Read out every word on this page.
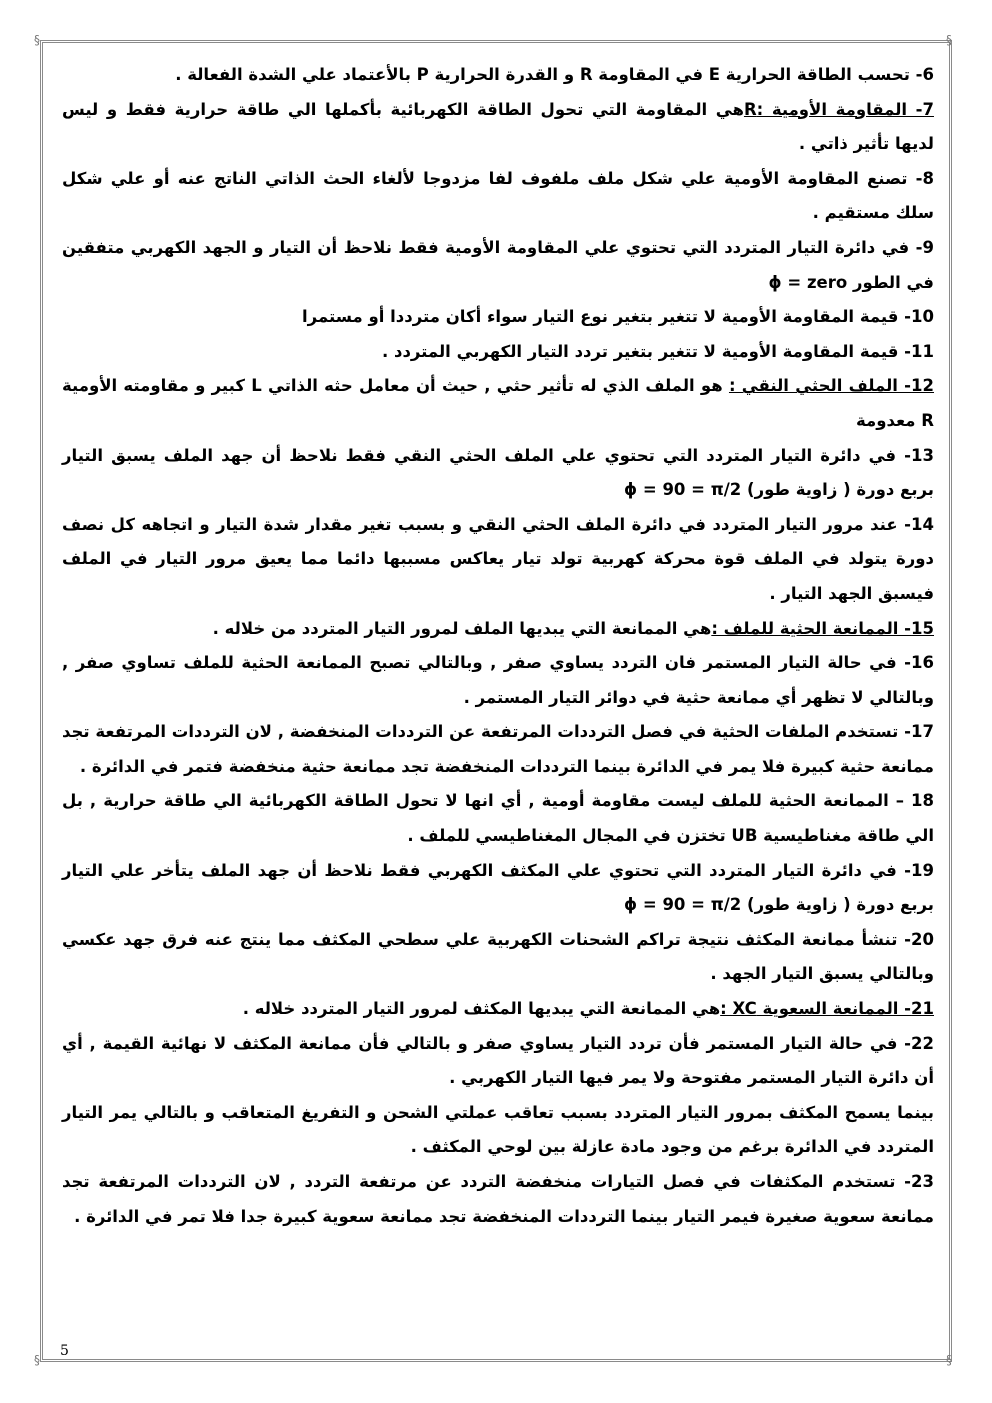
§	§
§	§

6- تحسب الطاقة الحرارية E في المقاومة R و القدرة الحرارية P بالأعتماد علي الشدة الفعالة .

7- المقاومة الأومية :Rهي المقاومة التي تحول الطاقة الكهربائية بأكملها الي طاقة حرارية فقط و ليس لديها تأثير ذاتي .

8- تصنع المقاومة الأومية علي شكل ملف ملفوف لفا مزدوجا لألغاء الحث الذاتي الناتج عنه أو علي شكل سلك مستقيم .

9- في دائرة التيار المتردد التي تحتوي علي المقاومة الأومية فقط نلاحظ أن التيار و الجهد الكهربي متفقين في الطور ϕ = zero

10- قيمة المقاومة الأومية لا تتغير بتغير نوع التيار سواء أكان مترددا أو مستمرا

11- قيمة المقاومة الأومية لا تتغير بتغير تردد التيار الكهربي المتردد .

12- الملف الحثي النقي : هو الملف الذي له تأثير حثي , حيث أن معامل حثه الذاتي L كبير و مقاومته الأومية R معدومة

13- في دائرة التيار المتردد التي تحتوي علي الملف الحثي النقي فقط نلاحظ أن جهد الملف يسبق التيار بربع دورة ( زاوية طور) ϕ = 90 = π/2

14- عند مرور التيار المتردد في دائرة الملف الحثي النقي و بسبب تغير مقدار شدة التيار و اتجاهه كل نصف دورة يتولد في الملف قوة محركة كهربية تولد تيار يعاكس مسببها دائما مما يعيق مرور التيار في الملف فيسبق الجهد التيار .

15- الممانعة الحثية للملف :هي الممانعة التي يبديها الملف لمرور التيار المتردد من خلاله .

16- في حالة التيار المستمر فان التردد يساوي صفر , وبالتالي تصبح الممانعة الحثية للملف تساوي صفر , وبالتالي لا تظهر أي ممانعة حثية في دوائر التيار المستمر .

17- تستخدم الملفات الحثية في فصل الترددات المرتفعة عن الترددات المنخفضة , لان الترددات المرتفعة تجد ممانعة حثية كبيرة فلا يمر في الدائرة بينما الترددات المنخفضة تجد ممانعة حثية منخفضة فتمر في الدائرة .

18 – الممانعة الحثية للملف ليست مقاومة أومية , أي انها لا تحول الطاقة الكهربائية الي طاقة حرارية , بل الي طاقة مغناطيسية UB تختزن في المجال المغناطيسي للملف .

19- في دائرة التيار المتردد التي تحتوي علي المكثف الكهربي فقط نلاحظ أن جهد الملف يتأخر علي التيار بربع دورة ( زاوية طور) ϕ = 90 = π/2

20- تنشأ ممانعة المكثف نتيجة تراكم الشحنات الكهربية علي سطحي المكثف مما ينتج عنه فرق جهد عكسي وبالتالي يسبق التيار الجهد .

21- الممانعة السعوية XC :هي الممانعة التي يبديها المكثف لمرور التيار المتردد خلاله .

22- في حالة التيار المستمر فأن تردد التيار يساوي صفر و بالتالي فأن ممانعة المكثف لا نهائية القيمة , أي أن دائرة التيار المستمر مفتوحة ولا يمر فيها التيار الكهربي .

بينما يسمح المكثف بمرور التيار المتردد بسبب تعاقب عملتي الشحن و التفريغ المتعاقب و بالتالي يمر التيار المتردد في الدائرة برغم من وجود مادة عازلة بين لوحي المكثف .

23- تستخدم المكثفات في فصل التيارات منخفضة التردد عن مرتفعة التردد , لان الترددات المرتفعة تجد ممانعة سعوية صغيرة فيمر التيار بينما الترددات المنخفضة تجد ممانعة سعوية كبيرة جدا فلا تمر في الدائرة .

5
